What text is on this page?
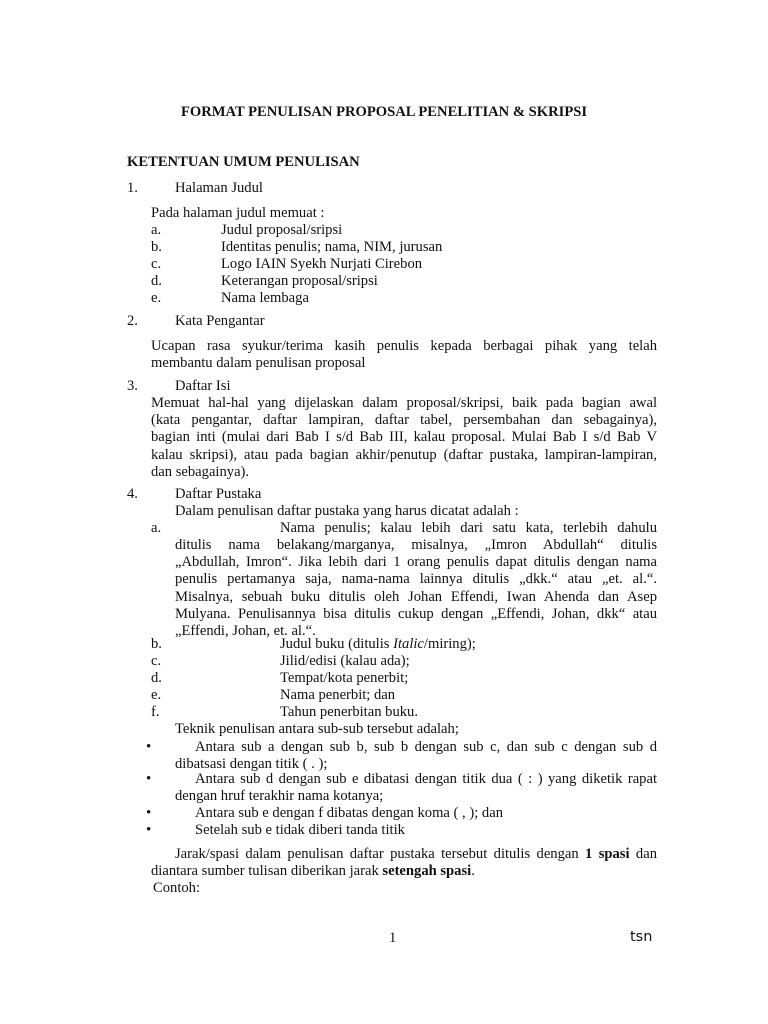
FORMAT PENULISAN PROPOSAL PENELITIAN & SKRIPSI
KETENTUAN UMUM PENULISAN
1.	Halaman Judul
Pada halaman judul memuat :
a.	Judul proposal/sripsi
b.	Identitas penulis; nama, NIM, jurusan
c.	Logo IAIN Syekh Nurjati Cirebon
d.	Keterangan proposal/sripsi
e.	Nama lembaga
2.	Kata Pengantar
Ucapan rasa syukur/terima kasih penulis kepada berbagai pihak yang telah
membantu dalam penulisan proposal
3.	Daftar Isi
Memuat hal-hal yang dijelaskan dalam proposal/skripsi, baik pada bagian awal
(kata pengantar, daftar lampiran, daftar tabel, persembahan dan sebagainya),
bagian inti (mulai dari Bab I s/d Bab III, kalau proposal. Mulai Bab I s/d Bab V
kalau skripsi), atau pada bagian akhir/penutup (daftar pustaka, lampiran-lampiran,
dan sebagainya).
4.	Daftar Pustaka
Dalam penulisan daftar pustaka yang harus dicatat adalah :
a.	Nama penulis; kalau lebih dari satu kata, terlebih dahulu
ditulis nama belakang/marganya, misalnya, „Imron Abdullah“ ditulis
„Abdullah, Imron“. Jika lebih dari 1 orang penulis dapat ditulis dengan nama
penulis pertamanya saja, nama-nama lainnya ditulis „dkk.“ atau „et. al.“.
Misalnya, sebuah buku ditulis oleh Johan Effendi, Iwan Ahenda dan Asep
Mulyana. Penulisannya bisa ditulis cukup dengan „Effendi, Johan, dkk“ atau
„Effendi, Johan, et. al.“.
b.	Judul buku (ditulis Italic/miring);
c.	Jilid/edisi (kalau ada);
d.	Tempat/kota penerbit;
e.	Nama penerbit; dan
f.	Tahun penerbitan buku.
Teknik penulisan antara sub-sub tersebut adalah;
•	Antara sub a dengan sub b, sub b dengan sub c, dan sub c dengan sub d
dibatsasi dengan titik ( . );
•	Antara sub d dengan sub e dibatasi dengan titik dua ( : ) yang diketik rapat
dengan hruf terakhir nama kotanya;
•	Antara sub e dengan f dibatas dengan koma ( , ); dan
•	Setelah sub e tidak diberi tanda titik
Jarak/spasi dalam penulisan daftar pustaka tersebut ditulis dengan 1 spasi dan
diantara sumber tulisan diberikan jarak setengah spasi.
Contoh:
1	tsn
